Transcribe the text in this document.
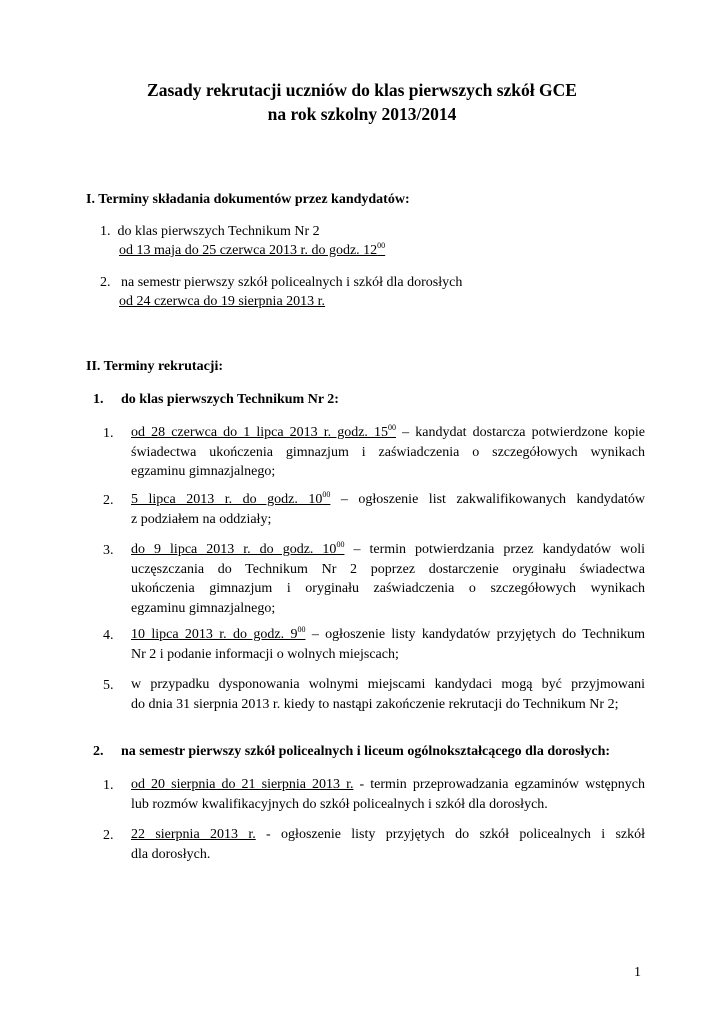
Zasady rekrutacji uczniów do klas pierwszych szkół GCE
na rok szkolny 2013/2014
I. Terminy składania dokumentów przez kandydatów:
1. do klas pierwszych Technikum Nr 2
od 13 maja do 25 czerwca 2013 r. do godz. $12^{00}$
2. na semestr pierwszy szkół policealnych i szkół dla dorosłych
od 24 czerwca do 19 sierpnia 2013 r.
II. Terminy rekrutacji:
1. do klas pierwszych Technikum Nr 2:
1. od 28 czerwca do 1 lipca 2013 r. godz. $15^{00}$ – kandydat dostarcza potwierdzone kopie
świadectwa ukończenia gimnazjum i zaświadczenia o szczegółowych wynikach
egzaminu gimnazjalnego;
2. 5 lipca 2013 r. do godz. $10^{00}$ – ogłoszenie list zakwalifikowanych kandydatów
z podziałem na oddziały;
3. do 9 lipca 2013 r. do godz. $10^{00}$ – termin potwierdzania przez kandydatów woli
uczęszczania do Technikum Nr 2 poprzez dostarczenie oryginału świadectwa
ukończenia gimnazjum i oryginału zaświadczenia o szczegółowych wynikach
egzaminu gimnazjalnego;
4. 10 lipca 2013 r. do godz. $9^{00}$ – ogłoszenie listy kandydatów przyjętych do Technikum
Nr 2 i podanie informacji o wolnych miejscach;
5. w przypadku dysponowania wolnymi miejscami kandydaci mogą być przyjmowani
do dnia 31 sierpnia 2013 r. kiedy to nastąpi zakończenie rekrutacji do Technikum Nr 2;
2. na semestr pierwszy szkół policealnych i liceum ogólnokształcącego dla dorosłych:
1. od 20 sierpnia do 21 sierpnia 2013 r. - termin przeprowadzania egzaminów wstępnych
lub rozmów kwalifikacyjnych do szkół policealnych i szkół dla dorosłych.
2. 22 sierpnia 2013 r. - ogłoszenie listy przyjętych do szkół policealnych i szkół
dla dorosłych.
1
